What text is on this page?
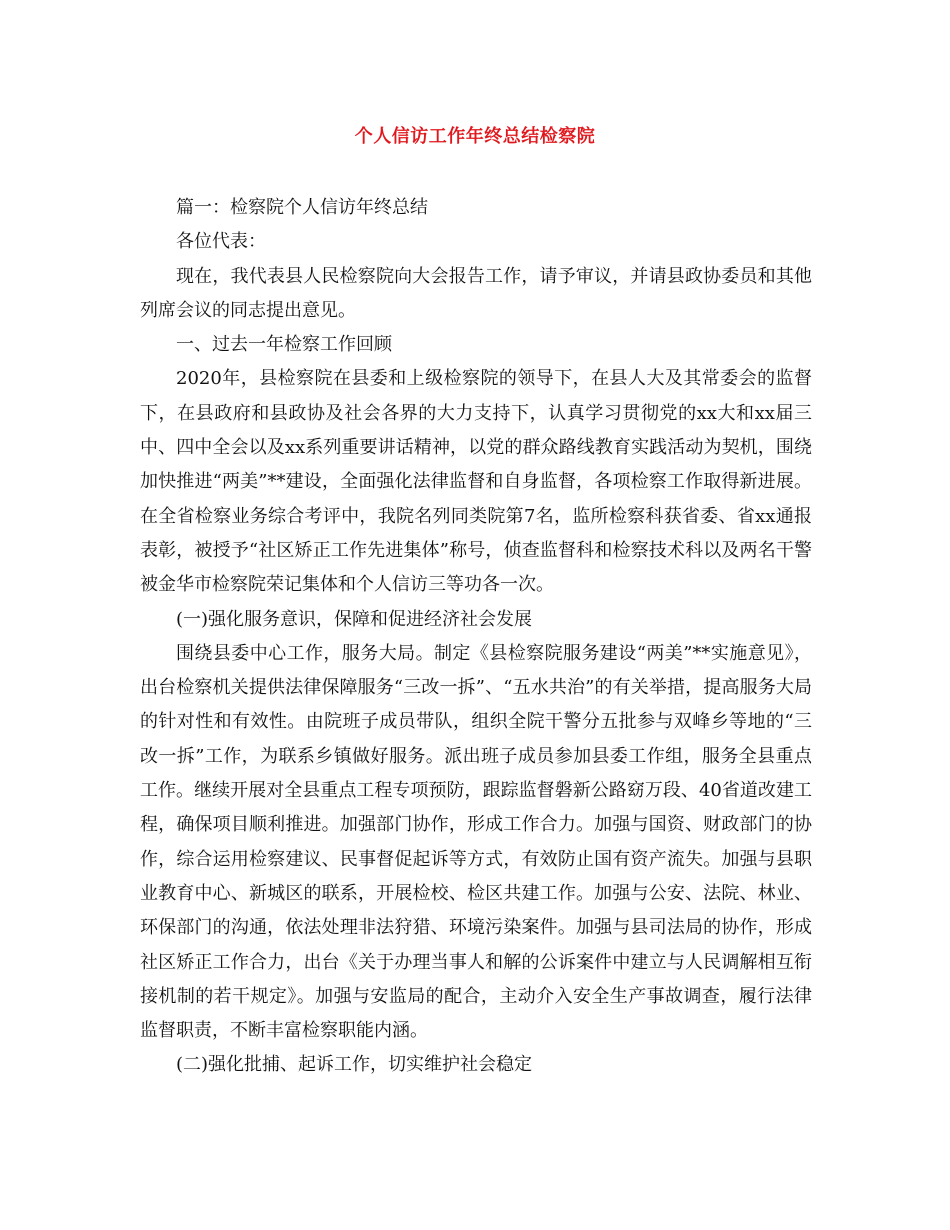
个人信访工作年终总结检察院

篇一：检察院个人信访年终总结

各位代表：

现在，我代表县人民检察院向大会报告工作，请予审议，并请县政协委员和其他列席会议的同志提出意见。

一、过去一年检察工作回顾

2020年，县检察院在县委和上级检察院的领导下，在县人大及其常委会的监督下，在县政府和县政协及社会各界的大力支持下，认真学习贯彻党的xx大和xx届三中、四中全会以及xx系列重要讲话精神，以党的群众路线教育实践活动为契机，围绕加快推进“两美”**建设，全面强化法律监督和自身监督，各项检察工作取得新进展。在全省检察业务综合考评中，我院名列同类院第7名，监所检察科获省委、省xx通报表彰，被授予“社区矫正工作先进集体”称号，侦查监督科和检察技术科以及两名干警被金华市检察院荣记集体和个人信访三等功各一次。

(一)强化服务意识，保障和促进经济社会发展

围绕县委中心工作，服务大局。制定《县检察院服务建设“两美”**实施意见》，出台检察机关提供法律保障服务“三改一拆”、“五水共治”的有关举措，提高服务大局的针对性和有效性。由院班子成员带队，组织全院干警分五批参与双峰乡等地的“三改一拆”工作，为联系乡镇做好服务。派出班子成员参加县委工作组，服务全县重点工作。继续开展对全县重点工程专项预防，跟踪监督磐新公路窈万段、40省道改建工程，确保项目顺利推进。加强部门协作，形成工作合力。加强与国资、财政部门的协作，综合运用检察建议、民事督促起诉等方式，有效防止国有资产流失。加强与县职业教育中心、新城区的联系，开展检校、检区共建工作。加强与公安、法院、林业、环保部门的沟通，依法处理非法狩猎、环境污染案件。加强与县司法局的协作，形成社区矫正工作合力，出台《关于办理当事人和解的公诉案件中建立与人民调解相互衔接机制的若干规定》。加强与安监局的配合，主动介入安全生产事故调查，履行法律监督职责，不断丰富检察职能内涵。

(二)强化批捕、起诉工作，切实维护社会稳定
